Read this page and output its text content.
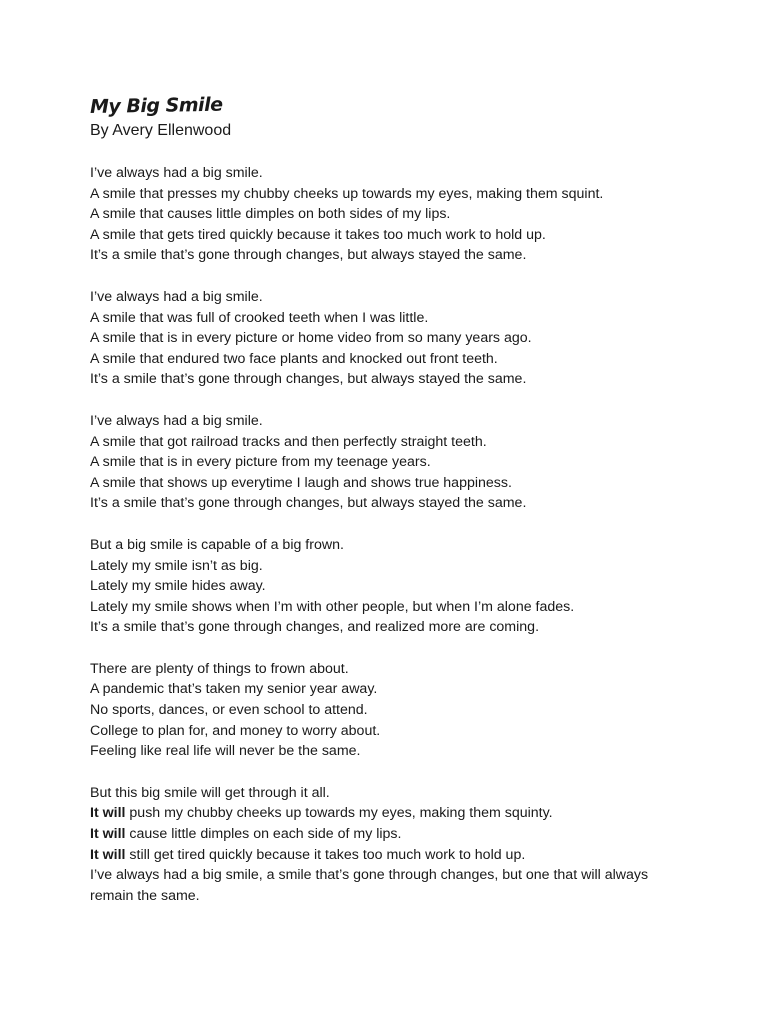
My Big Smile
By Avery Ellenwood
I’ve always had a big smile.
A smile that presses my chubby cheeks up towards my eyes, making them squint.
A smile that causes little dimples on both sides of my lips.
A smile that gets tired quickly because it takes too much work to hold up.
It’s a smile that’s gone through changes, but always stayed the same.
I’ve always had a big smile.
A smile that was full of crooked teeth when I was little.
A smile that is in every picture or home video from so many years ago.
A smile that endured two face plants and knocked out front teeth.
It’s a smile that’s gone through changes, but always stayed the same.
I’ve always had a big smile.
A smile that got railroad tracks and then perfectly straight teeth.
A smile that is in every picture from my teenage years.
A smile that shows up everytime I laugh and shows true happiness.
It’s a smile that’s gone through changes, but always stayed the same.
But a big smile is capable of a big frown.
Lately my smile isn’t as big.
Lately my smile hides away.
Lately my smile shows when I’m with other people, but when I’m alone fades.
It’s a smile that’s gone through changes, and realized more are coming.
There are plenty of things to frown about.
A pandemic that’s taken my senior year away.
No sports, dances, or even school to attend.
College to plan for, and money to worry about.
Feeling like real life will never be the same.
But this big smile will get through it all.
It will push my chubby cheeks up towards my eyes, making them squinty.
It will cause little dimples on each side of my lips.
It will still get tired quickly because it takes too much work to hold up.
I’ve always had a big smile, a smile that’s gone through changes, but one that will always remain the same.
